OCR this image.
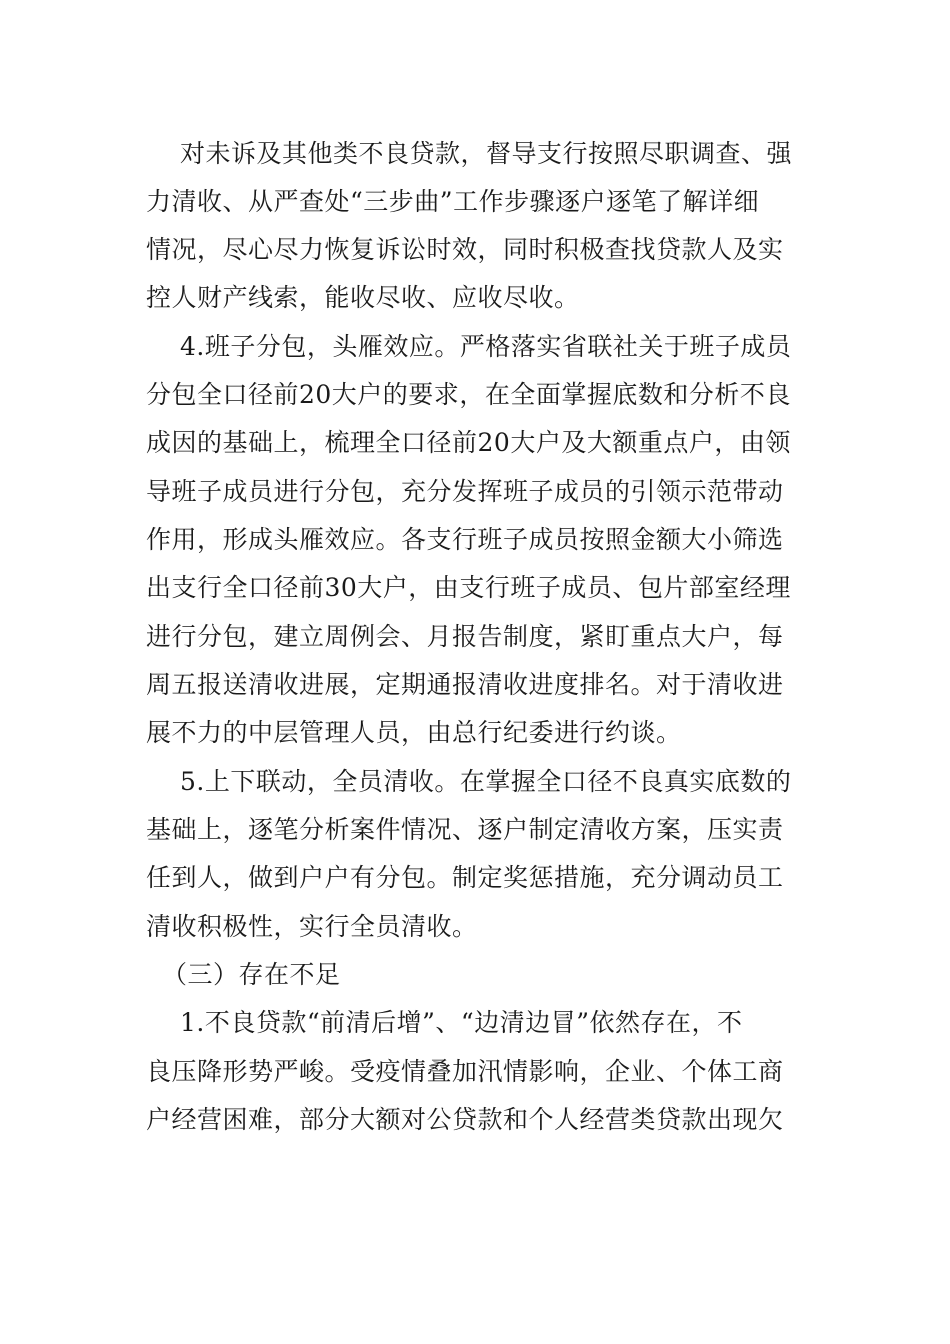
对未诉及其他类不良贷款，督导支行按照尽职调查、强
力清收、从严查处“三步曲”工作步骤逐户逐笔了解详细
情况，尽心尽力恢复诉讼时效，同时积极查找贷款人及实
控人财产线索，能收尽收、应收尽收。
4.班子分包，头雁效应。严格落实省联社关于班子成员
分包全口径前20大户的要求，在全面掌握底数和分析不良
成因的基础上，梳理全口径前20大户及大额重点户，由领
导班子成员进行分包，充分发挥班子成员的引领示范带动
作用，形成头雁效应。各支行班子成员按照金额大小筛选
出支行全口径前30大户，由支行班子成员、包片部室经理
进行分包，建立周例会、月报告制度，紧盯重点大户，每
周五报送清收进展，定期通报清收进度排名。对于清收进
展不力的中层管理人员，由总行纪委进行约谈。
5.上下联动，全员清收。在掌握全口径不良真实底数的
基础上，逐笔分析案件情况、逐户制定清收方案，压实责
任到人，做到户户有分包。制定奖惩措施，充分调动员工
清收积极性，实行全员清收。
（三）存在不足
1.不良贷款“前清后增”、“边清边冒”依然存在，不
良压降形势严峻。受疫情叠加汛情影响，企业、个体工商
户经营困难，部分大额对公贷款和个人经营类贷款出现欠
